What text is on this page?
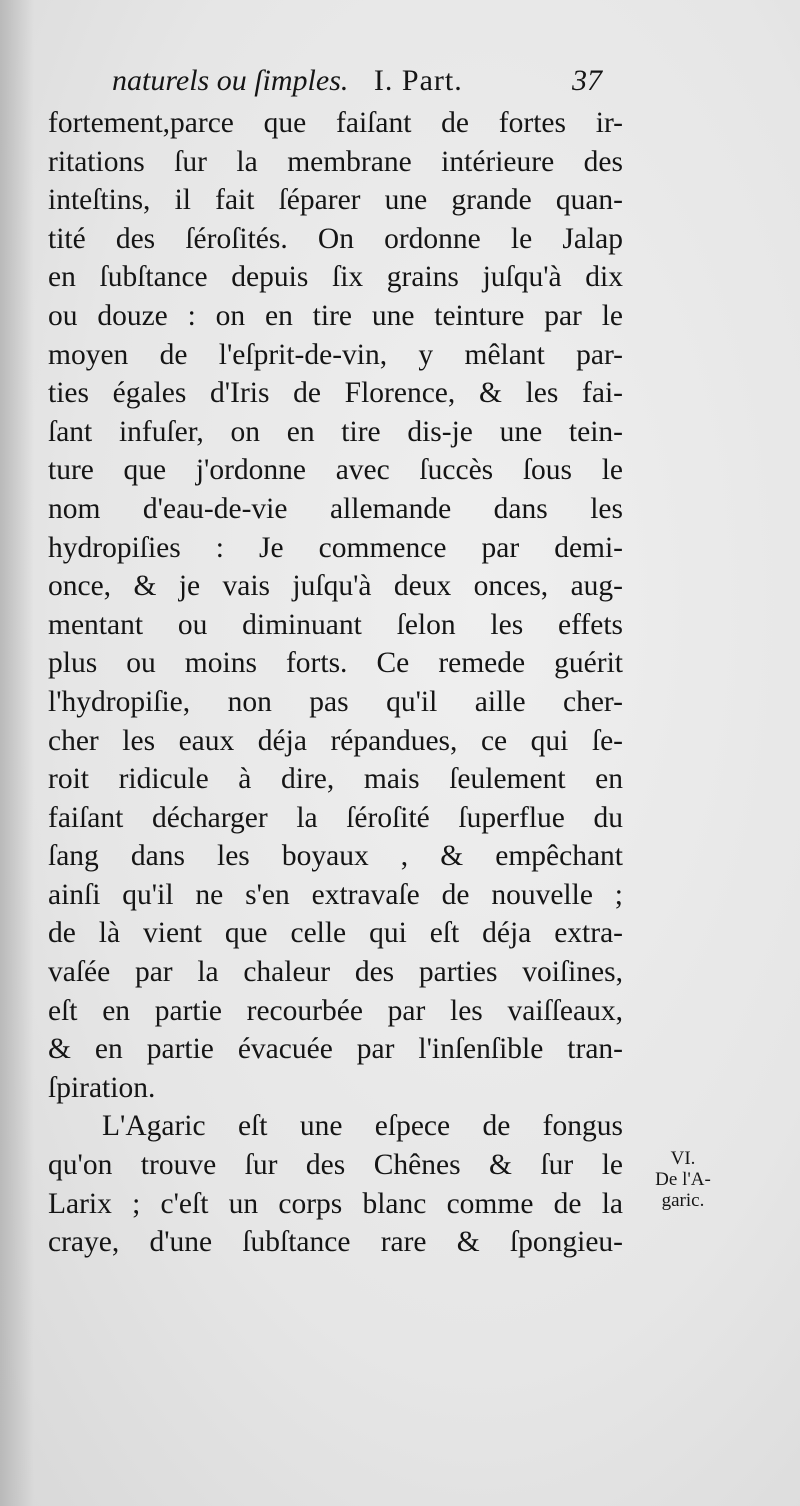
naturels ou ſimples. I. Part.	37
fortement,parce que faiſant de fortes ir-
ritations ſur la membrane intérieure des
inteſtins, il fait ſéparer une grande quan-
tité des ſéroſités. On ordonne le Jalap
en ſubſtance depuis ſix grains juſqu'à dix
ou douze : on en tire une teinture par le
moyen de l'eſprit-de-vin, y mêlant par-
ties égales d'Iris de Florence, & les fai-
ſant infuſer, on en tire dis-je une tein-
ture que j'ordonne avec ſuccès ſous le
nom d'eau-de-vie allemande dans les
hydropiſies : Je commence par demi-
once, & je vais juſqu'à deux onces, aug-
mentant ou diminuant ſelon les effets
plus ou moins forts. Ce remede guérit
l'hydropiſie, non pas qu'il aille cher-
cher les eaux déja répandues, ce qui ſe-
roit ridicule à dire, mais ſeulement en
faiſant décharger la ſéroſité ſuperflue du
ſang dans les boyaux , & empêchant
ainſi qu'il ne s'en extravaſe de nouvelle ;
de là vient que celle qui eſt déja extra-
vaſée par la chaleur des parties voiſines,
eſt en partie recourbée par les vaiſſeaux,
& en partie évacuée par l'inſenſible tran-
ſpiration.
L'Agaric eſt une eſpece de fongus
qu'on trouve ſur des Chênes & ſur le
Larix ; c'eſt un corps blanc comme de la
craye, d'une ſubſtance rare & ſpongieu-
VI.
De l'A-
garic.
